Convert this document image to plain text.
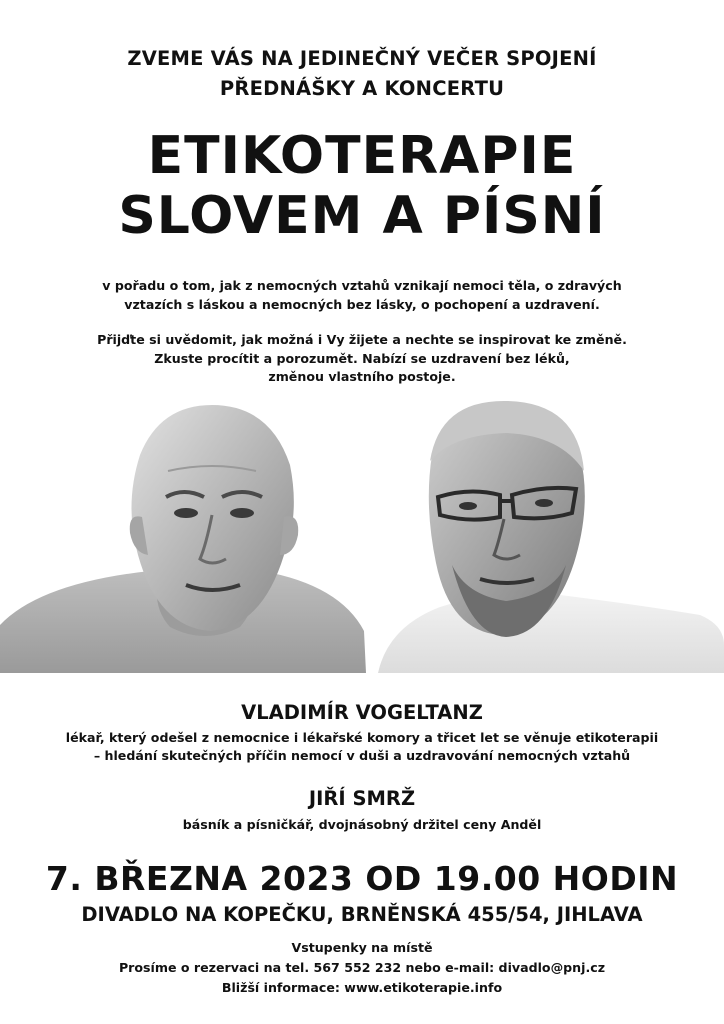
ZVEME VÁS NA JEDINEČNÝ VEČER SPOJENÍ
PŘEDNÁŠKY A KONCERTU
ETIKOTERAPIE
SLOVEM A PÍSNÍ
v pořadu o tom, jak z nemocných vztahů vznikají nemoci těla, o zdravých
vztazích s láskou a nemocných bez lásky, o pochopení a uzdravení.
Přijďte si uvědomit, jak možná i Vy žijete a nechte se inspirovat ke změně.
Zkuste procítit a porozumět. Nabízí se uzdravení bez léků,
změnou vlastního postoje.
VLADIMÍR VOGELTANZ
lékař, který odešel z nemocnice i lékařské komory a třicet let se věnuje etikoterapii
– hledání skutečných příčin nemocí v duši a uzdravování nemocných vztahů
JIŘÍ SMRŽ
básník a písničkář, dvojnásobný držitel ceny Anděl
7. BŘEZNA 2023 OD 19.00 HODIN
DIVADLO NA KOPEČKU, BRNĚNSKÁ 455/54, JIHLAVA
Vstupenky na místě
Prosíme o rezervaci na tel. 567 552 232 nebo e-mail: divadlo@pnj.cz
Bližší informace: www.etikoterapie.info
